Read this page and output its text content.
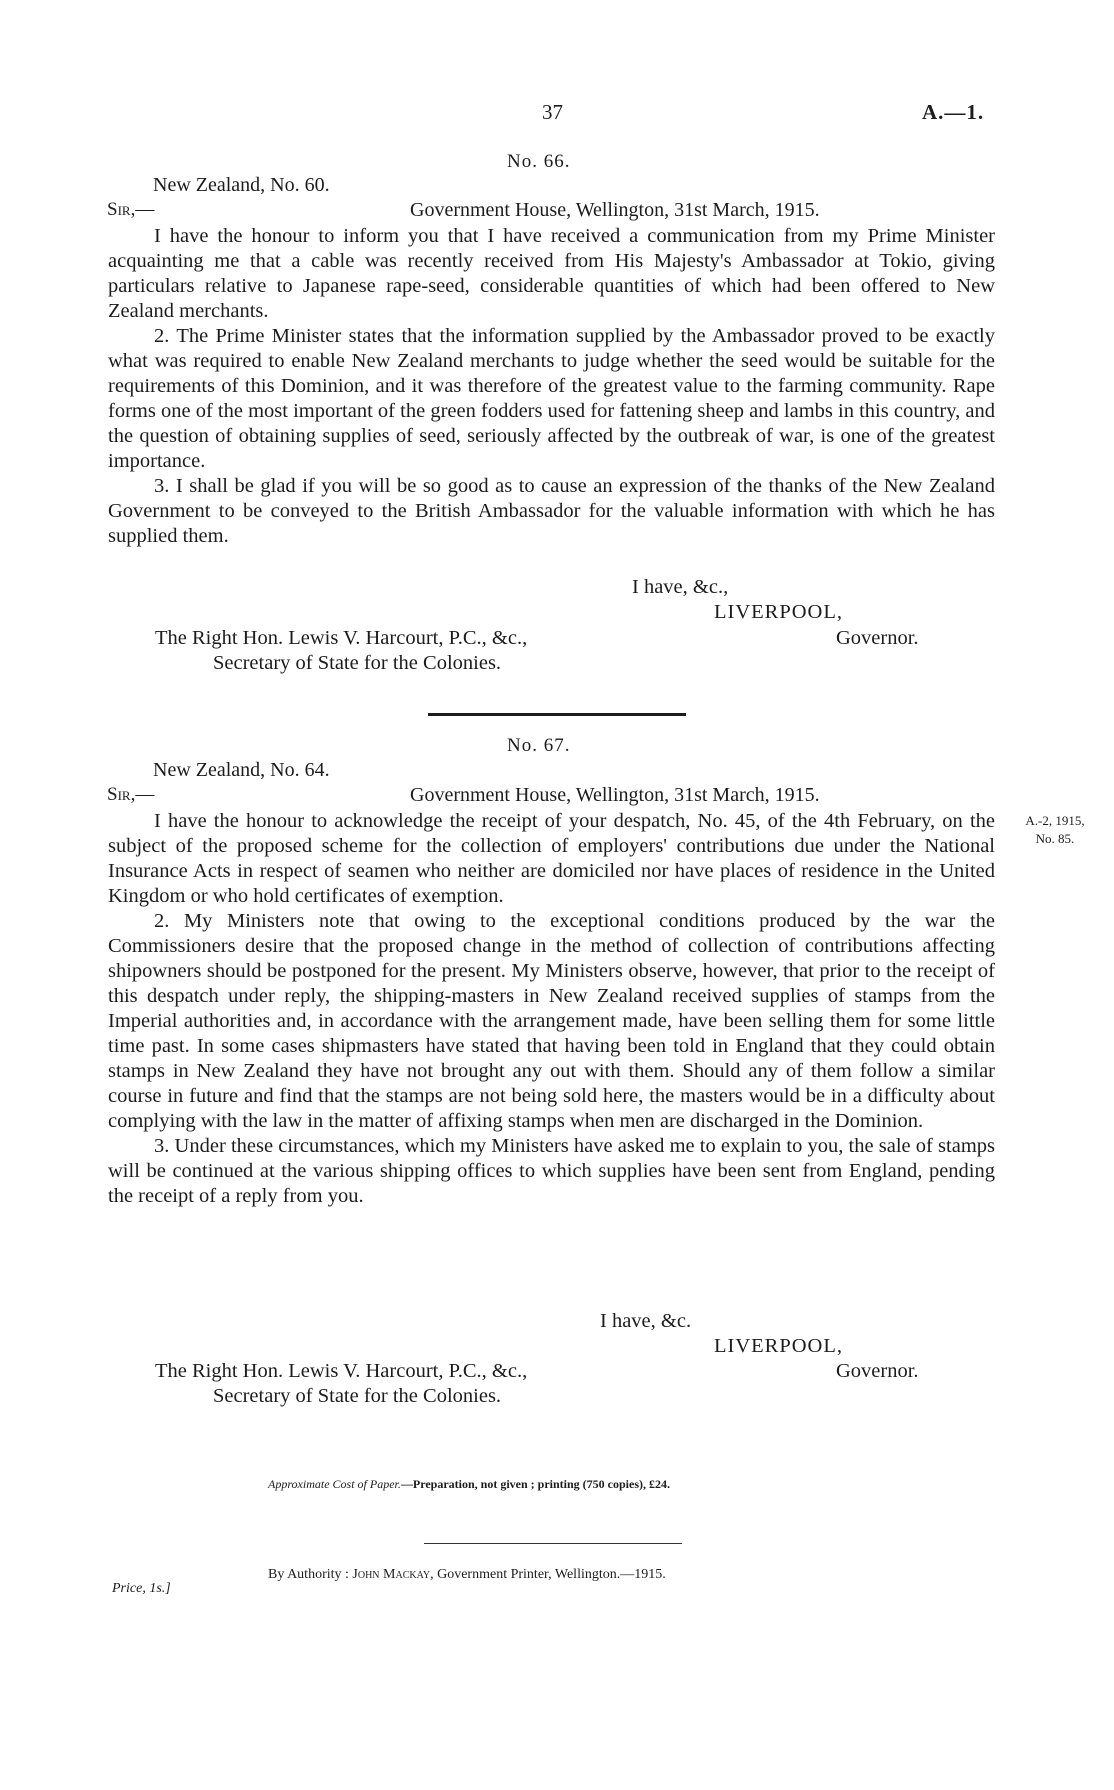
37	A.—1.
No. 66.
New Zealand, No. 60.
Sir,—	Government House, Wellington, 31st March, 1915.

I have the honour to inform you that I have received a communication from my Prime Minister acquainting me that a cable was recently received from His Majesty's Ambassador at Tokio, giving particulars relative to Japanese rape-seed, considerable quantities of which had been offered to New Zealand merchants.

2. The Prime Minister states that the information supplied by the Ambassador proved to be exactly what was required to enable New Zealand merchants to judge whether the seed would be suitable for the requirements of this Dominion, and it was therefore of the greatest value to the farming community. Rape forms one of the most important of the green fodders used for fattening sheep and lambs in this country, and the question of obtaining supplies of seed, seriously affected by the outbreak of war, is one of the greatest importance.

3. I shall be glad if you will be so good as to cause an expression of the thanks of the New Zealand Government to be conveyed to the British Ambassador for the valuable information with which he has supplied them.

I have, &c.,
LIVERPOOL,
The Right Hon. Lewis V. Harcourt, P.C., &c.,	Governor.
Secretary of State for the Colonies.
No. 67.
New Zealand, No. 64.
Sir,—	Government House, Wellington, 31st March, 1915.

I have the honour to acknowledge the receipt of your despatch, No. 45, of the 4th February, on the subject of the proposed scheme for the collection of employers' contributions due under the National Insurance Acts in respect of seamen who neither are domiciled nor have places of residence in the United Kingdom or who hold certificates of exemption.

2. My Ministers note that owing to the exceptional conditions produced by the war the Commissioners desire that the proposed change in the method of collection of contributions affecting shipowners should be postponed for the present. My Ministers observe, however, that prior to the receipt of this despatch under reply, the shipping-masters in New Zealand received supplies of stamps from the Imperial authorities and, in accordance with the arrangement made, have been selling them for some little time past. In some cases shipmasters have stated that having been told in England that they could obtain stamps in New Zealand they have not brought any out with them. Should any of them follow a similar course in future and find that the stamps are not being sold here, the masters would be in a difficulty about complying with the law in the matter of affixing stamps when men are discharged in the Dominion.

3. Under these circumstances, which my Ministers have asked me to explain to you, the sale of stamps will be continued at the various shipping offices to which supplies have been sent from England, pending the receipt of a reply from you.

A.-2, 1915,
No. 85.
I have, &c.
LIVERPOOL,
The Right Hon. Lewis V. Harcourt, P.C., &c.,	Governor.
Secretary of State for the Colonies.
Approximate Cost of Paper.—Preparation, not given ; printing (750 copies), £24.
By Authority : John Mackay, Government Printer, Wellington.—1915.
Price, 1s.]
